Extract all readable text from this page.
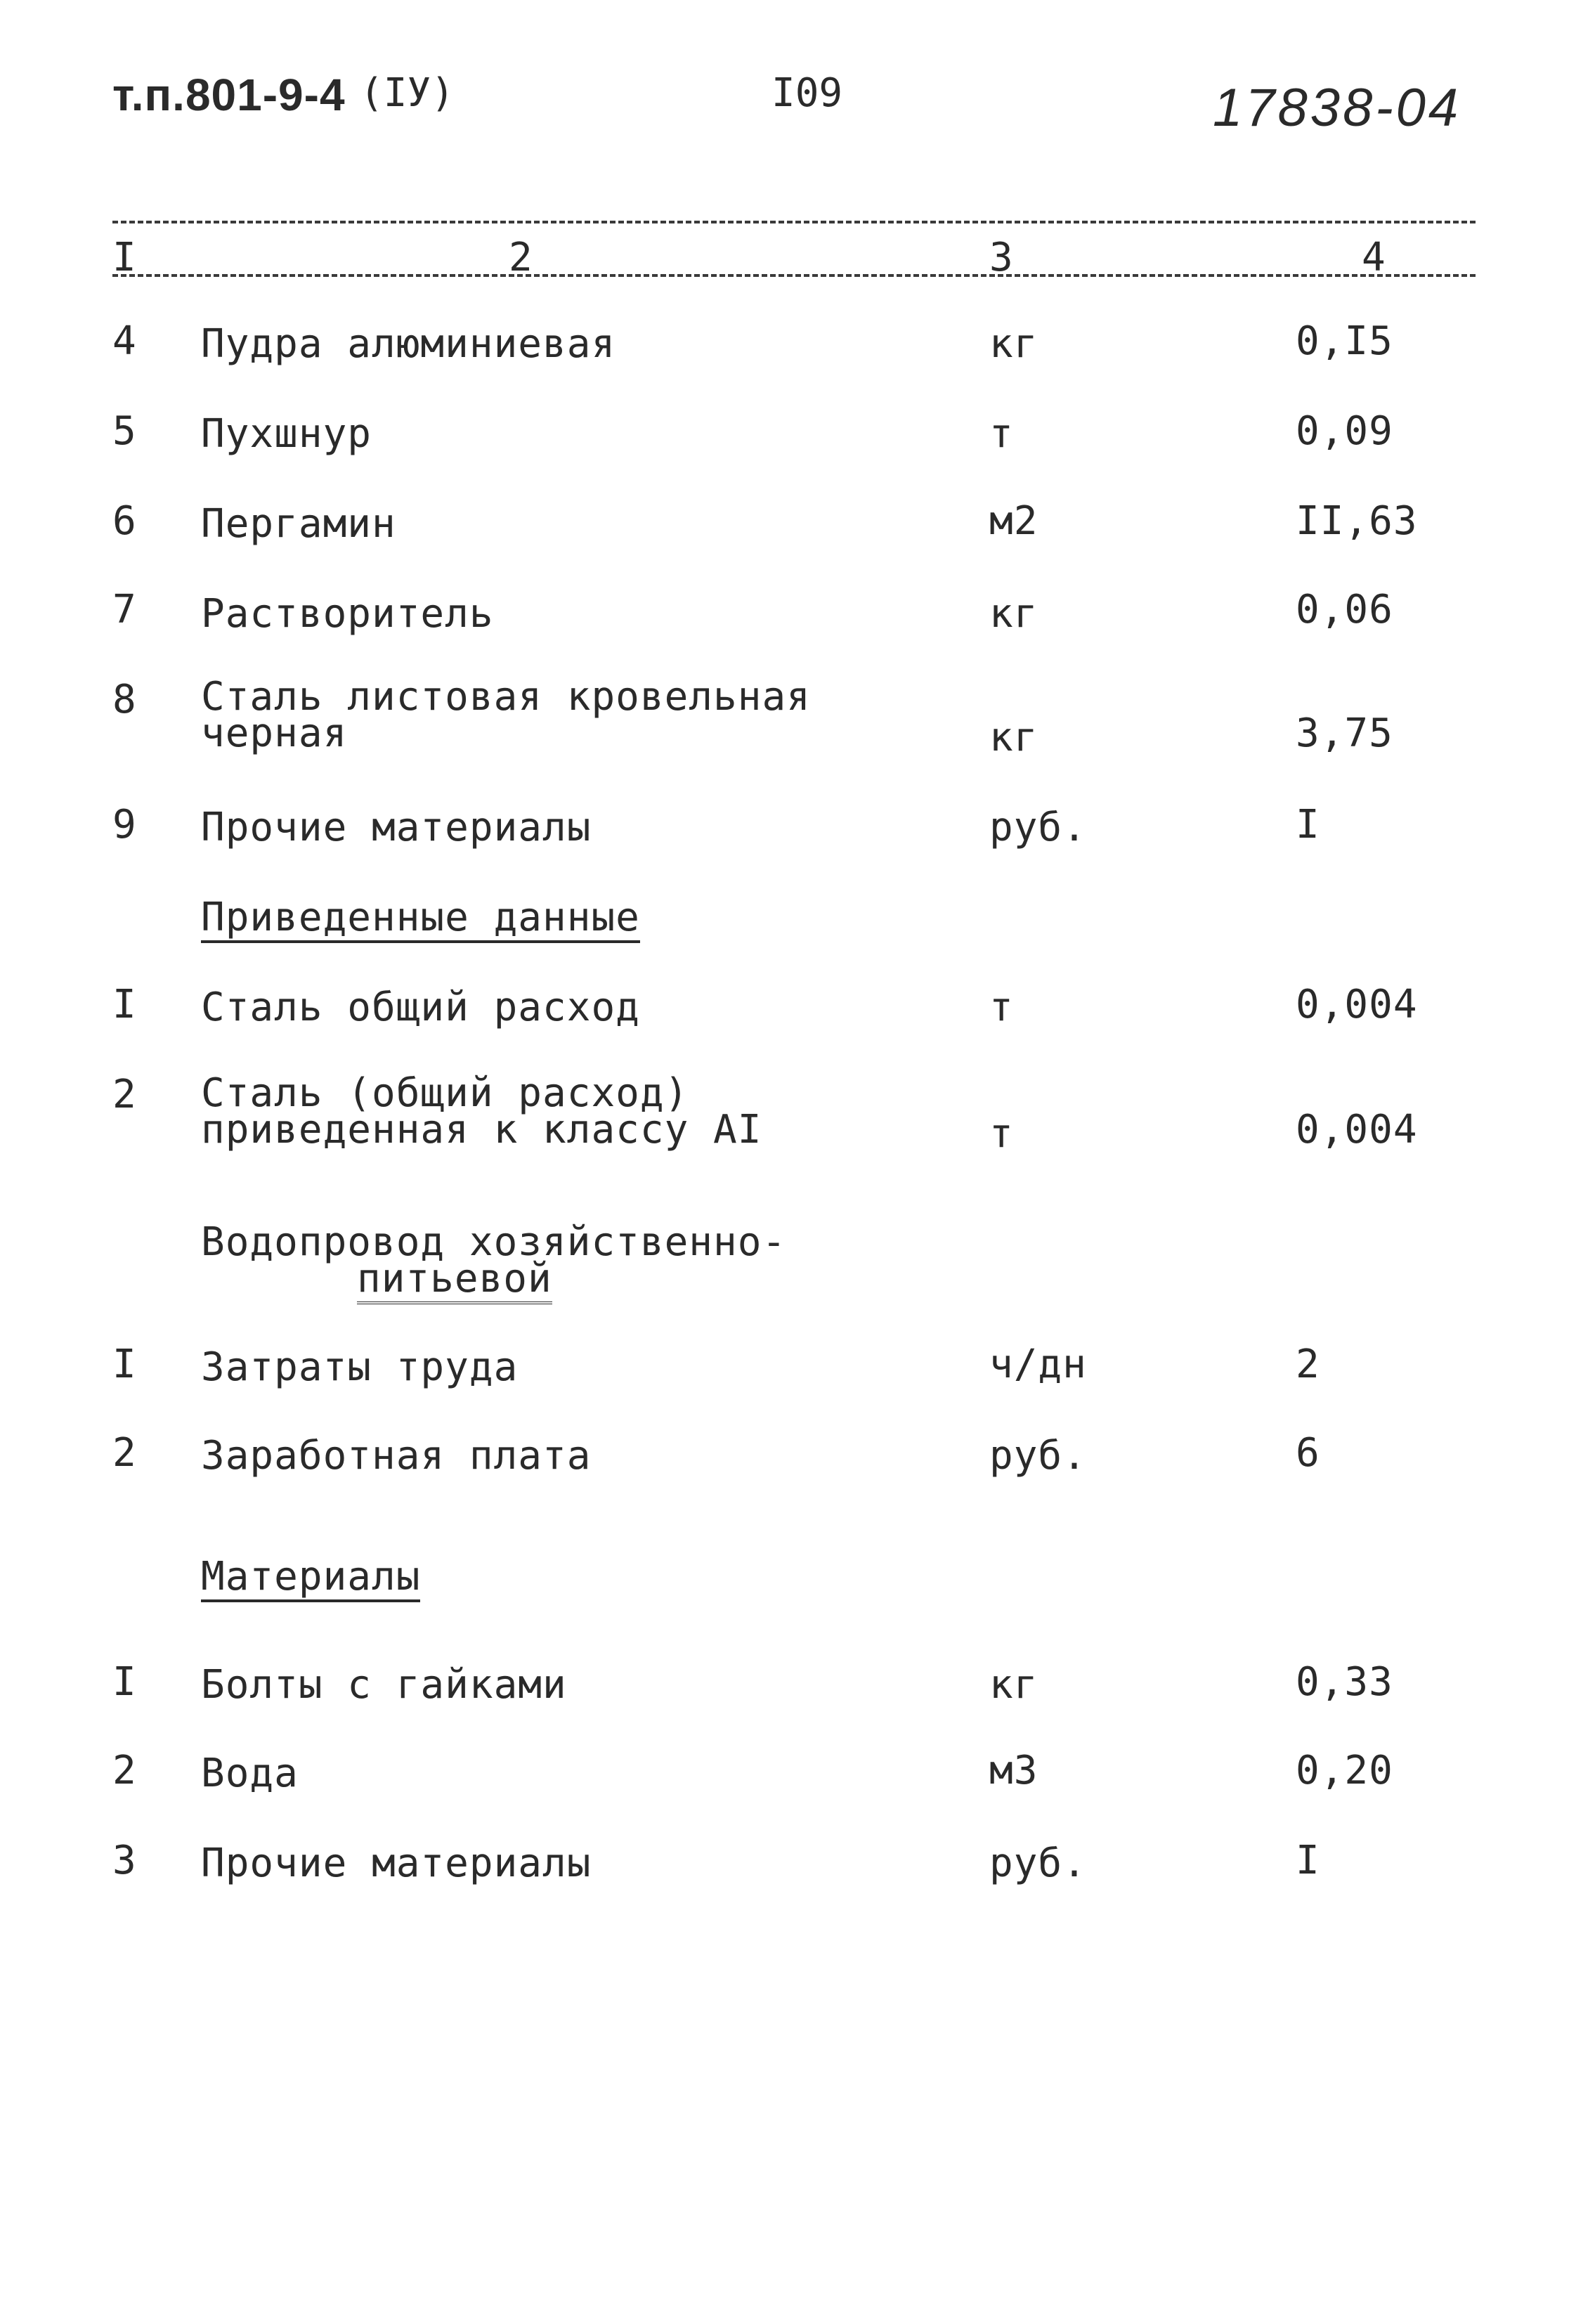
т.п.801-9-4 (IУ)	I09	17838-04
I	2	3	4
4 Пудра алюминиевая	кг	0,I5
5 Пухшнур	т	0,09
6 Пергамин	м2	II,63
7 Растворитель	кг	0,06
8 Сталь листовая кровельная
черная	кг	3,75
9 Прочие материалы	руб.	I
Приведенные данные
I Сталь общий расход	т	0,004
2 Сталь (общий расход)
приведенная к классу AI	т	0,004
Водопровод хозяйственно-
питьевой
I Затраты труда	ч/дн	2
2 Заработная плата	руб.	6
Материалы
I Болты с гайками	кг	0,33
2 Вода	м3	0,20
3 Прочие материалы	руб.	I
